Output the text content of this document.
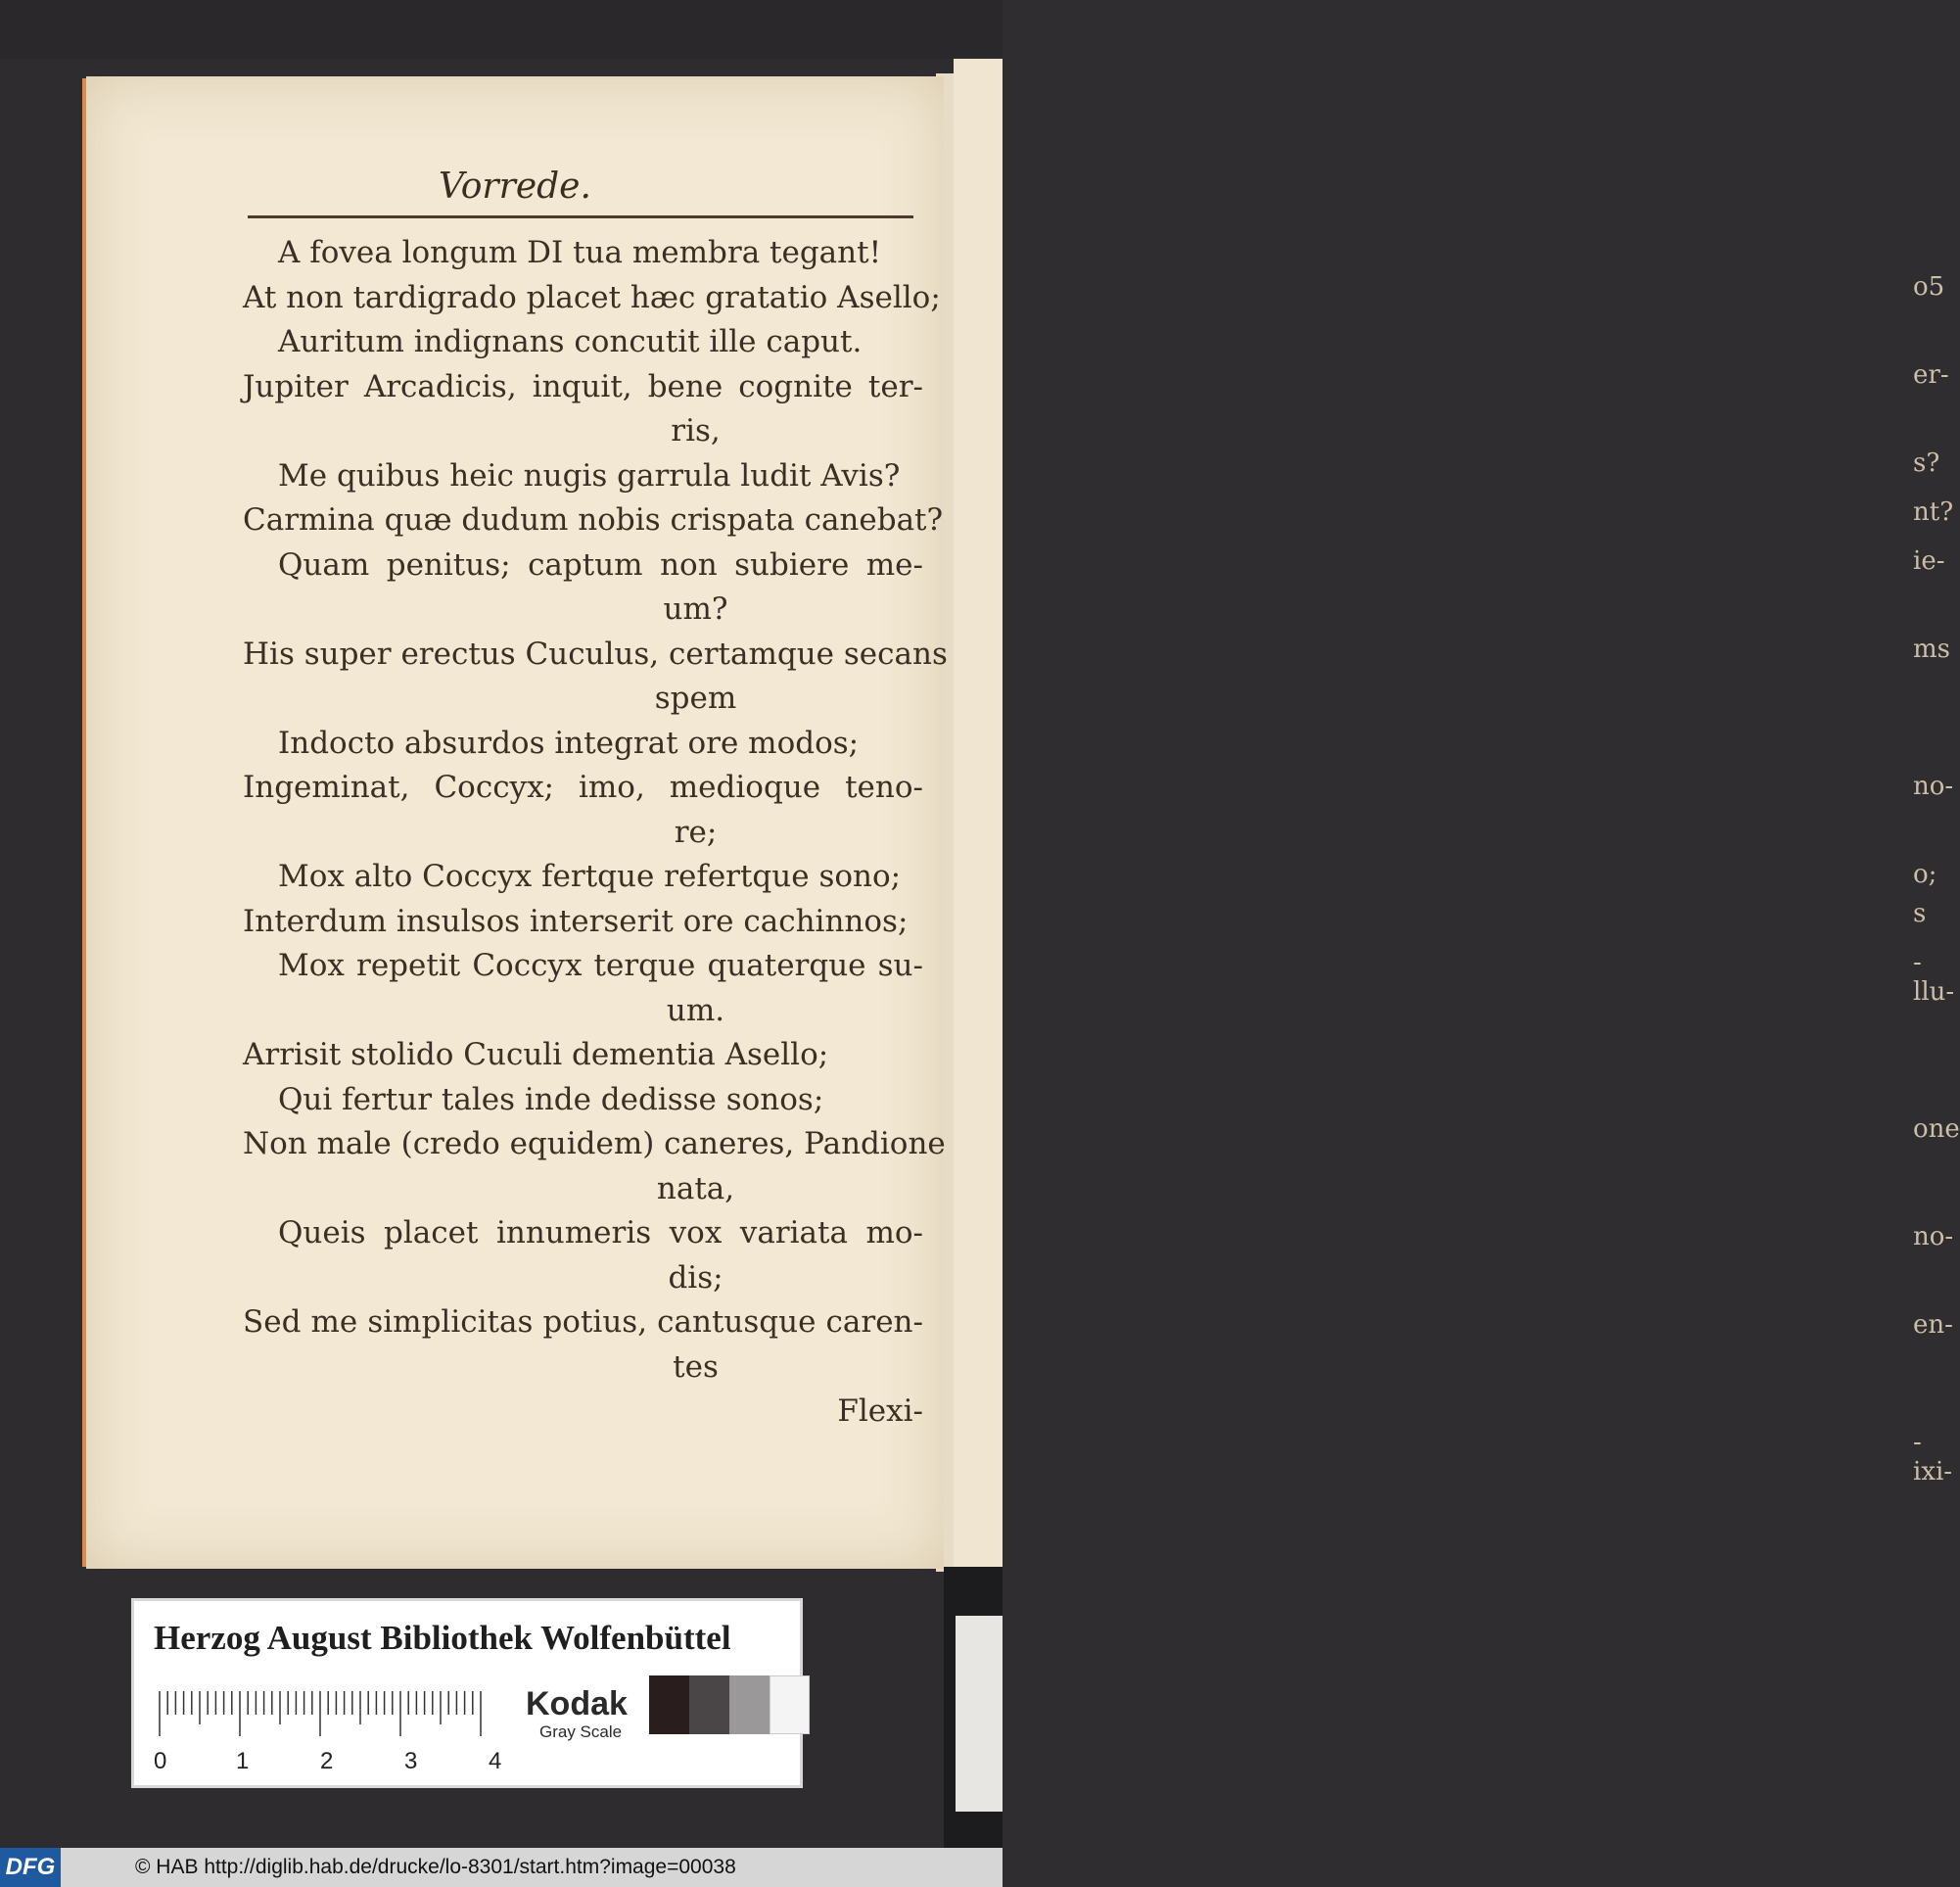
o5
er-
s?
nt?
ie-
ms
no-
o;
s
-llu-
one
no-
en-
-ixi-
Vorrede.
A fovea longum DI tua membra tegant!
At non tardigrado placet hæc gratatio Asello;
Auritum indignans concutit ille caput.
Jupiter Arcadicis, inquit, bene cognite ter-
ris,
Me quibus heic nugis garrula ludit Avis?
Carmina quæ dudum nobis crispata canebat?
Quam penitus; captum non subiere me-
um?
His super erectus Cuculus, certamque secans
spem
Indocto absurdos integrat ore modos;
Ingeminat, Coccyx; imo, medioque teno-
re;
Mox alto Coccyx fertque refertque sono;
Interdum insulsos interserit ore cachinnos;
Mox repetit Coccyx terque quaterque su-
um.
Arrisit stolido Cuculi dementia Asello;
Qui fertur tales inde dedisse sonos;
Non male (credo equidem) caneres, Pandione
nata,
Queis placet innumeris vox variata mo-
dis;
Sed me simplicitas potius, cantusque caren-
tes
Flexi-
Herzog August Bibliothek Wolfenbüttel
0	1	2	3	4
Kodak
Gray Scale
DFG	© HAB http://diglib.hab.de/drucke/lo-8301/start.htm?image=00038
